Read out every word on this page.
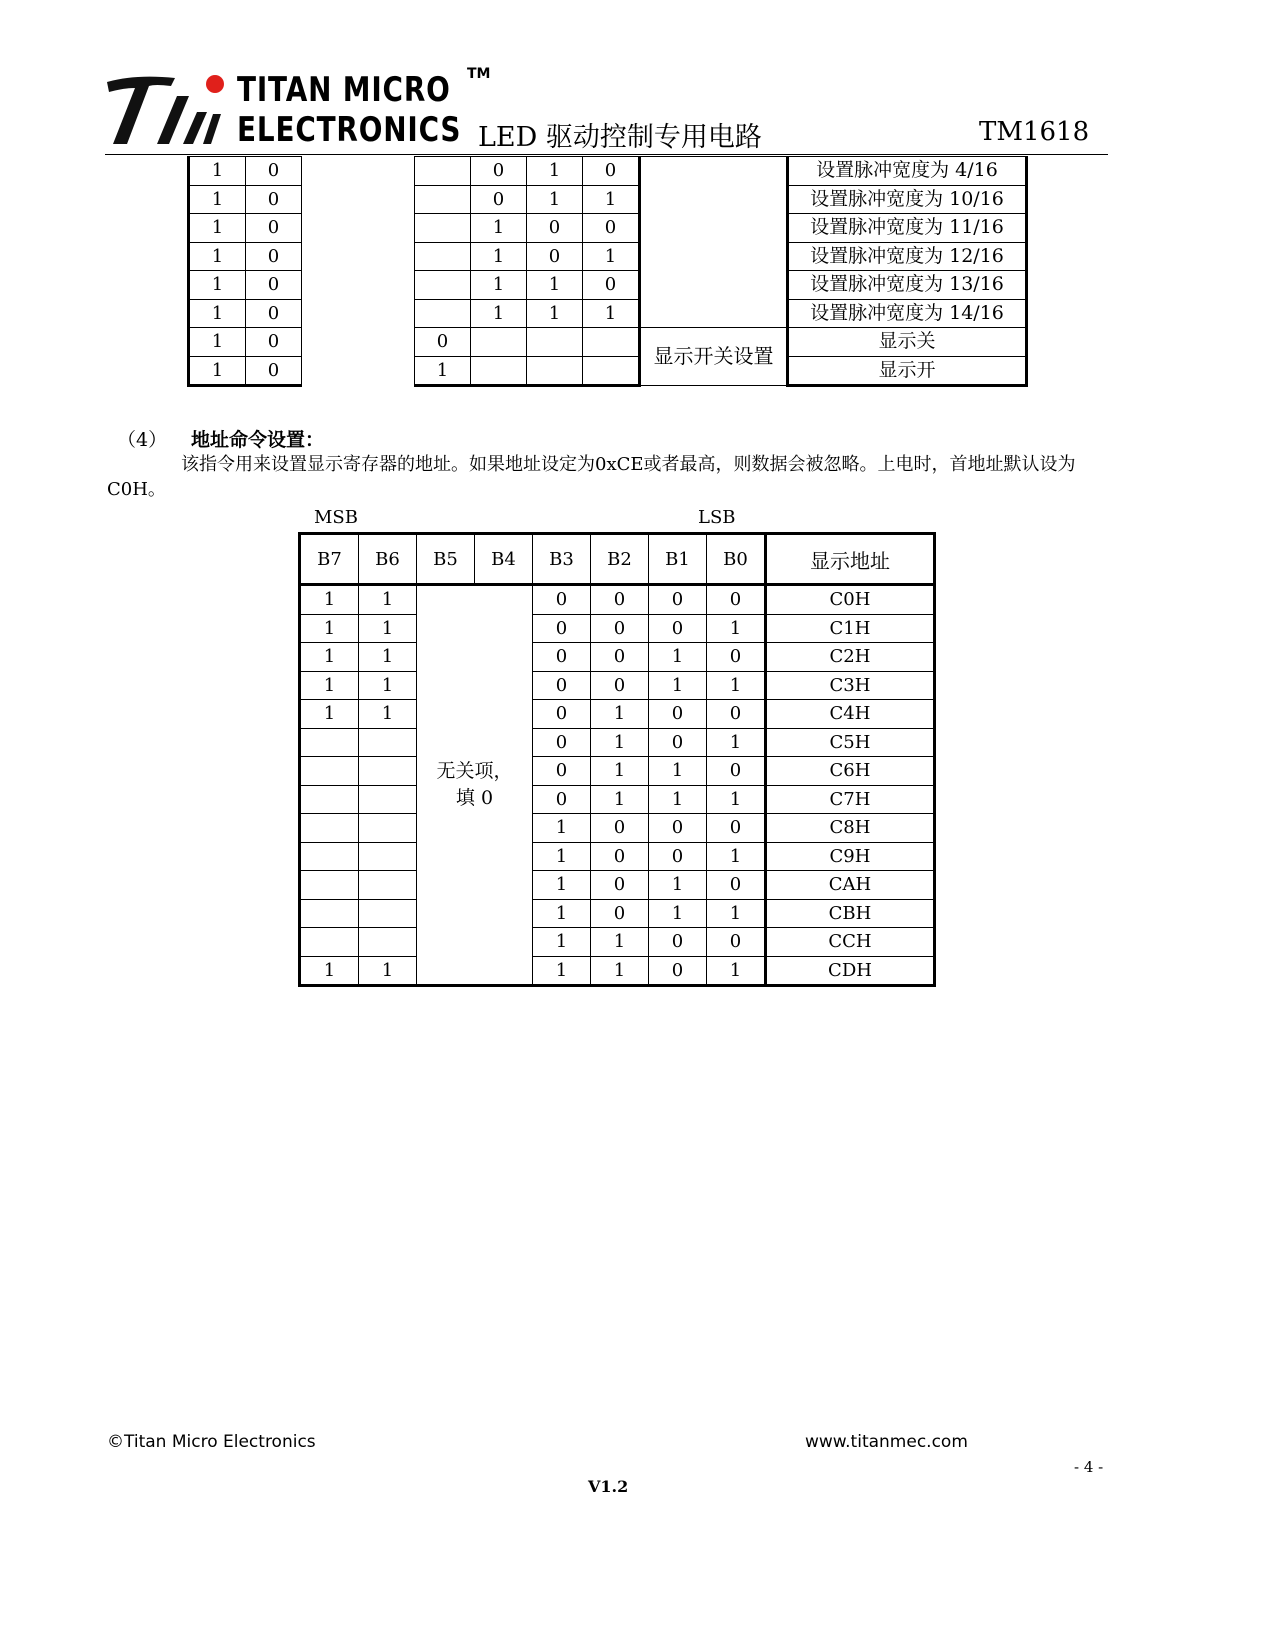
TITAN MICRO TM
ELECTRONICS LED 驱动控制专用电路	TM1618
1	0			0	1	0		设置脉冲宽度为 4/16
1	0			0	1	1		设置脉冲宽度为 10/16
1	0			1	0	0		设置脉冲宽度为 11/16
1	0			1	0	1		设置脉冲宽度为 12/16
1	0			1	1	0		设置脉冲宽度为 13/16
1	0			1	1	1		设置脉冲宽度为 14/16
1	0		0				显示开关设置	显示关
1	0		1					显示开
（4） 地址命令设置：
该指令用来设置显示寄存器的地址。如果地址设定为0xCE或者最高，则数据会被忽略。上电时，首地址默认设为C0H。
MSB	LSB
B7	B6	B5	B4	B3	B2	B1	B0	显示地址
1	1	无关项，填 0		0	0	0	0	C0H
1	1			0	0	0	1	C1H
1	1			0	0	1	0	C2H
1	1			0	0	1	1	C3H
1	1			0	1	0	0	C4H
				0	1	0	1	C5H
				0	1	1	0	C6H
				0	1	1	1	C7H
				1	0	0	0	C8H
				1	0	0	1	C9H
				1	0	1	0	CAH
				1	0	1	1	CBH
				1	1	0	0	CCH
1	1			1	1	0	1	CDH
©Titan Micro Electronics	www.titanmec.com
- 4 -
V1.2
